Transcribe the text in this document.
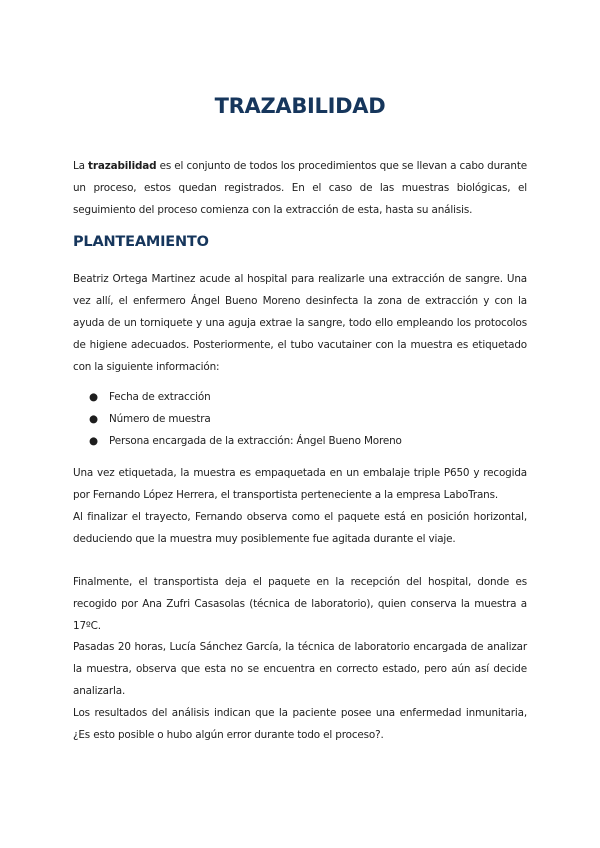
TRAZABILIDAD

La trazabilidad es el conjunto de todos los procedimientos que se llevan a cabo durante un proceso, estos quedan registrados. En el caso de las muestras biológicas, el seguimiento del proceso comienza con la extracción de esta, hasta su análisis.

PLANTEAMIENTO

Beatriz Ortega Martinez acude al hospital para realizarle una extracción de sangre. Una vez allí, el enfermero Ángel Bueno Moreno desinfecta la zona de extracción y con la ayuda de un torniquete y una aguja extrae la sangre, todo ello empleando los protocolos de higiene adecuados. Posteriormente, el tubo vacutainer con la muestra es etiquetado con la siguiente información:

● Fecha de extracción
● Número de muestra
● Persona encargada de la extracción: Ángel Bueno Moreno

Una vez etiquetada, la muestra es empaquetada en un embalaje triple P650 y recogida por Fernando López Herrera, el transportista perteneciente a la empresa LaboTrans.

Al finalizar el trayecto, Fernando observa como el paquete está en posición horizontal, deduciendo que la muestra muy posiblemente fue agitada durante el viaje.

Finalmente, el transportista deja el paquete en la recepción del hospital, donde es recogido por Ana Zufri Casasolas (técnica de laboratorio), quien conserva la muestra a 17ºC.

Pasadas 20 horas, Lucía Sánchez García, la técnica de laboratorio encargada de analizar la muestra, observa que esta no se encuentra en correcto estado, pero aún así decide analizarla.

Los resultados del análisis indican que la paciente posee una enfermedad inmunitaria, ¿Es esto posible o hubo algún error durante todo el proceso?.
